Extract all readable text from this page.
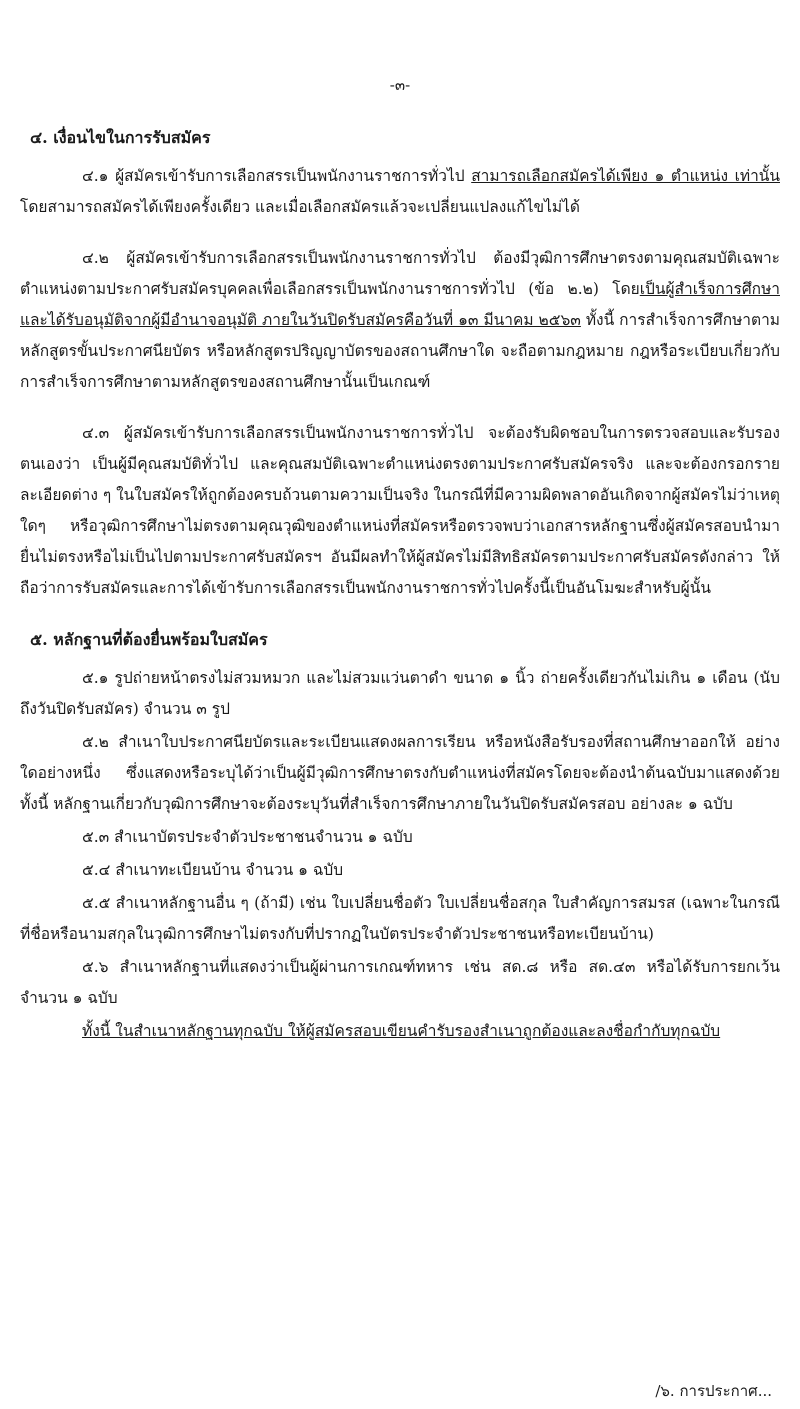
-๓-
๔. เงื่อนไขในการรับสมัคร

๔.๑ ผู้สมัครเข้ารับการเลือกสรรเป็นพนักงานราชการทั่วไป สามารถเลือกสมัครได้เพียง ๑ ตำแหน่ง เท่านั้น โดยสามารถสมัครได้เพียงครั้งเดียว และเมื่อเลือกสมัครแล้วจะเปลี่ยนแปลงแก้ไขไม่ได้

๔.๒ ผู้สมัครเข้ารับการเลือกสรรเป็นพนักงานราชการทั่วไป ต้องมีวุฒิการศึกษาตรงตามคุณสมบัติเฉพาะตำแหน่งตามประกาศรับสมัครบุคคลเพื่อเลือกสรรเป็นพนักงานราชการทั่วไป (ข้อ ๒.๒) โดยเป็นผู้สำเร็จการศึกษาและได้รับอนุมัติจากผู้มีอำนาจอนุมัติ ภายในวันปิดรับสมัครคือวันที่ ๑๓ มีนาคม ๒๕๖๓ ทั้งนี้ การสำเร็จการศึกษาตามหลักสูตรขั้นประกาศนียบัตร หรือหลักสูตรปริญญาบัตรของสถานศึกษาใด จะถือตามกฎหมาย กฎหรือระเบียบเกี่ยวกับการสำเร็จการศึกษาตามหลักสูตรของสถานศึกษานั้นเป็นเกณฑ์

๔.๓ ผู้สมัครเข้ารับการเลือกสรรเป็นพนักงานราชการทั่วไป จะต้องรับผิดชอบในการตรวจสอบและรับรองตนเองว่า เป็นผู้มีคุณสมบัติทั่วไป และคุณสมบัติเฉพาะตำแหน่งตรงตามประกาศรับสมัครจริง และจะต้องกรอกรายละเอียดต่าง ๆ ในใบสมัครให้ถูกต้องครบถ้วนตามความเป็นจริง ในกรณีที่มีความผิดพลาดอันเกิดจากผู้สมัครไม่ว่าเหตุใดๆ หรือวุฒิการศึกษาไม่ตรงตามคุณวุฒิของตำแหน่งที่สมัครหรือตรวจพบว่าเอกสารหลักฐานซึ่งผู้สมัครสอบนำมายื่นไม่ตรงหรือไม่เป็นไปตามประกาศรับสมัครฯ อันมีผลทำให้ผู้สมัครไม่มีสิทธิสมัครตามประกาศรับสมัครดังกล่าว ให้ถือว่าการรับสมัครและการได้เข้ารับการเลือกสรรเป็นพนักงานราชการทั่วไปครั้งนี้เป็นอันโมฆะสำหรับผู้นั้น

๕. หลักฐานที่ต้องยื่นพร้อมใบสมัคร

๕.๑ รูปถ่ายหน้าตรงไม่สวมหมวก และไม่สวมแว่นตาดำ ขนาด ๑ นิ้ว ถ่ายครั้งเดียวกันไม่เกิน ๑ เดือน (นับถึงวันปิดรับสมัคร) จำนวน ๓ รูป

๕.๒ สำเนาใบประกาศนียบัตรและระเบียนแสดงผลการเรียน หรือหนังสือรับรองที่สถานศึกษาออกให้ อย่างใดอย่างหนึ่ง ซึ่งแสดงหรือระบุได้ว่าเป็นผู้มีวุฒิการศึกษาตรงกับตำแหน่งที่สมัครโดยจะต้องนำต้นฉบับมาแสดงด้วย ทั้งนี้ หลักฐานเกี่ยวกับวุฒิการศึกษาจะต้องระบุวันที่สำเร็จการศึกษาภายในวันปิดรับสมัครสอบ อย่างละ ๑ ฉบับ

๕.๓ สำเนาบัตรประจำตัวประชาชนจำนวน ๑ ฉบับ

๕.๔ สำเนาทะเบียนบ้าน จำนวน ๑ ฉบับ

๕.๕ สำเนาหลักฐานอื่น ๆ (ถ้ามี) เช่น ใบเปลี่ยนชื่อตัว ใบเปลี่ยนชื่อสกุล ใบสำคัญการสมรส (เฉพาะในกรณีที่ชื่อหรือนามสกุลในวุฒิการศึกษาไม่ตรงกับที่ปรากฏในบัตรประจำตัวประชาชนหรือทะเบียนบ้าน)

๕.๖ สำเนาหลักฐานที่แสดงว่าเป็นผู้ผ่านการเกณฑ์ทหาร เช่น สด.๘ หรือ สด.๔๓ หรือได้รับการยกเว้น จำนวน ๑ ฉบับ

ทั้งนี้ ในสำเนาหลักฐานทุกฉบับ ให้ผู้สมัครสอบเขียนคำรับรองสำเนาถูกต้องและลงชื่อกำกับทุกฉบับ
/๖. การประกาศ...
